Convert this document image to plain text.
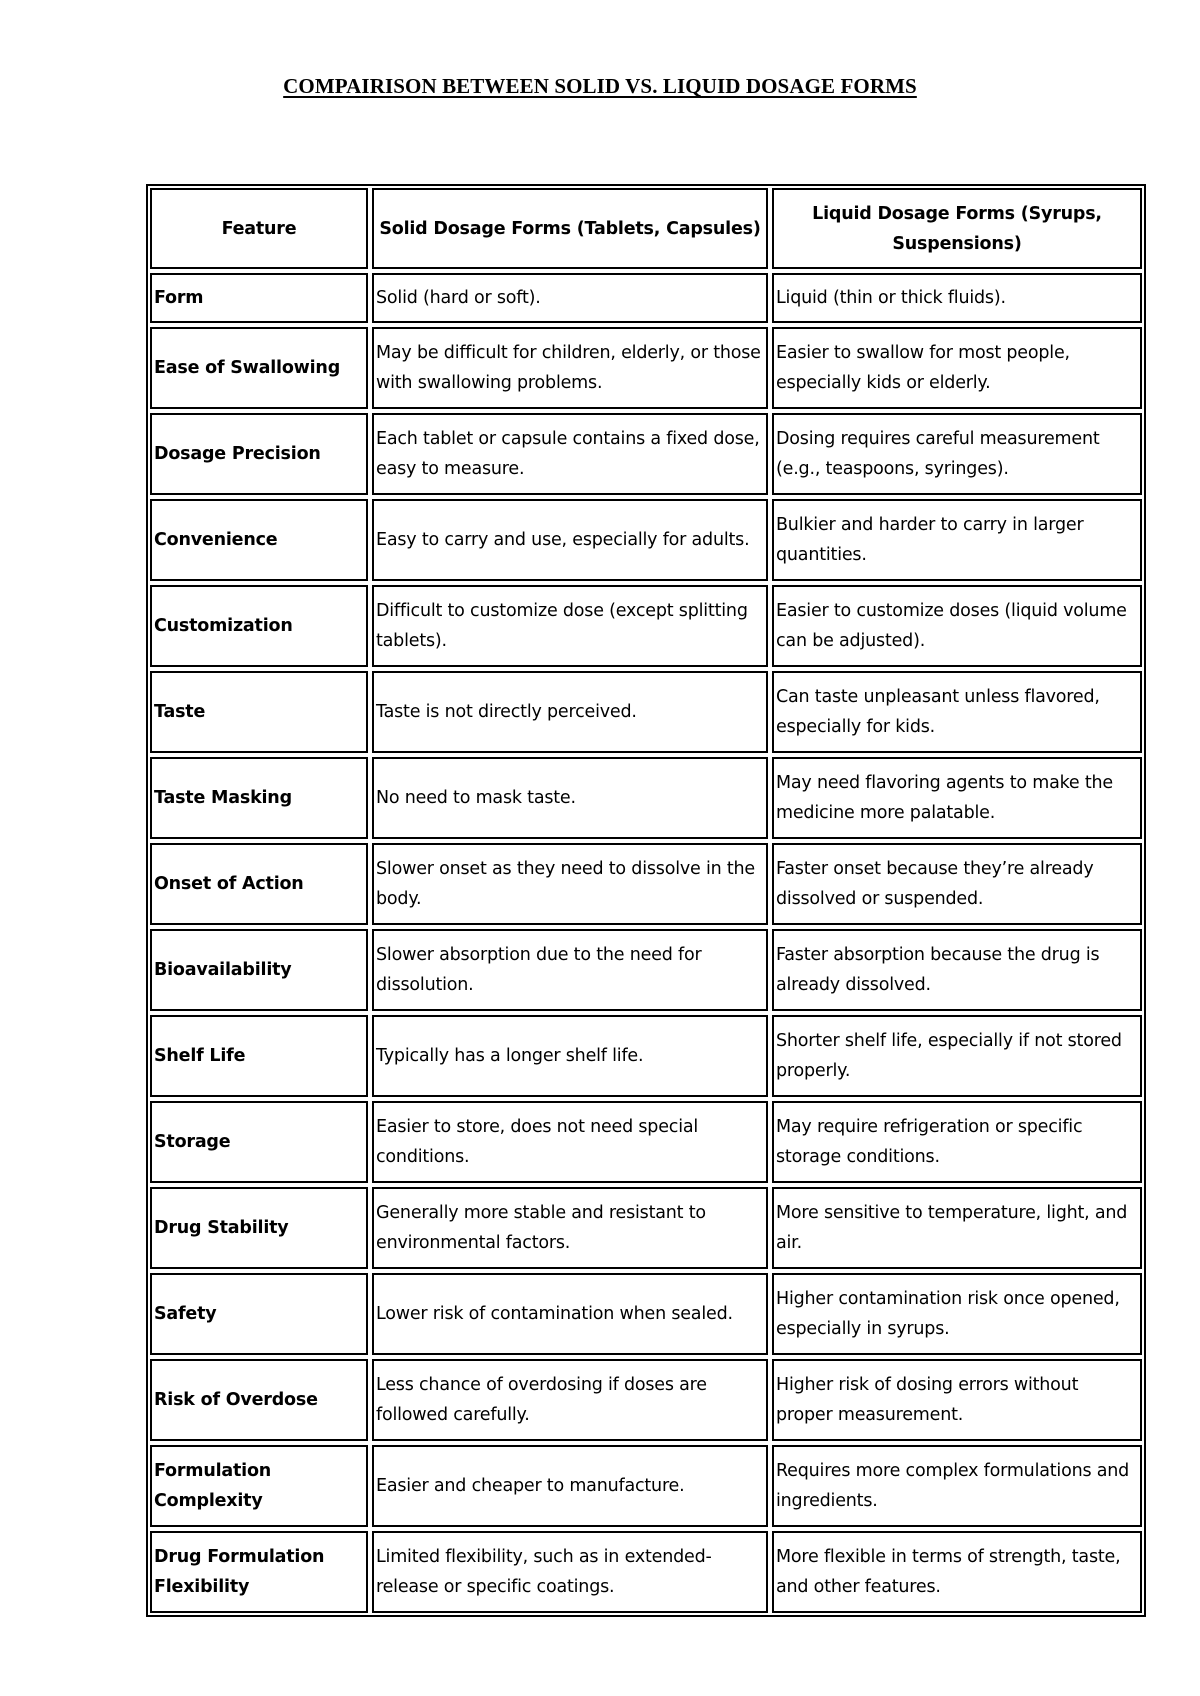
COMPAIRISON BETWEEN SOLID VS. LIQUID DOSAGE FORMS
Feature	Solid Dosage Forms (Tablets, Capsules)	Liquid Dosage Forms (Syrups, Suspensions)
Form	Solid (hard or soft).	Liquid (thin or thick fluids).
Ease of Swallowing	May be difficult for children, elderly, or those with swallowing problems.	Easier to swallow for most people, especially kids or elderly.
Dosage Precision	Each tablet or capsule contains a fixed dose, easy to measure.	Dosing requires careful measurement (e.g., teaspoons, syringes).
Convenience	Easy to carry and use, especially for adults.	Bulkier and harder to carry in larger quantities.
Customization	Difficult to customize dose (except splitting tablets).	Easier to customize doses (liquid volume can be adjusted).
Taste	Taste is not directly perceived.	Can taste unpleasant unless flavored, especially for kids.
Taste Masking	No need to mask taste.	May need flavoring agents to make the medicine more palatable.
Onset of Action	Slower onset as they need to dissolve in the body.	Faster onset because they’re already dissolved or suspended.
Bioavailability	Slower absorption due to the need for dissolution.	Faster absorption because the drug is already dissolved.
Shelf Life	Typically has a longer shelf life.	Shorter shelf life, especially if not stored properly.
Storage	Easier to store, does not need special conditions.	May require refrigeration or specific storage conditions.
Drug Stability	Generally more stable and resistant to environmental factors.	More sensitive to temperature, light, and air.
Safety	Lower risk of contamination when sealed.	Higher contamination risk once opened, especially in syrups.
Risk of Overdose	Less chance of overdosing if doses are followed carefully.	Higher risk of dosing errors without proper measurement.
Formulation Complexity	Easier and cheaper to manufacture.	Requires more complex formulations and ingredients.
Drug Formulation Flexibility	Limited flexibility, such as in extended-release or specific coatings.	More flexible in terms of strength, taste, and other features.
